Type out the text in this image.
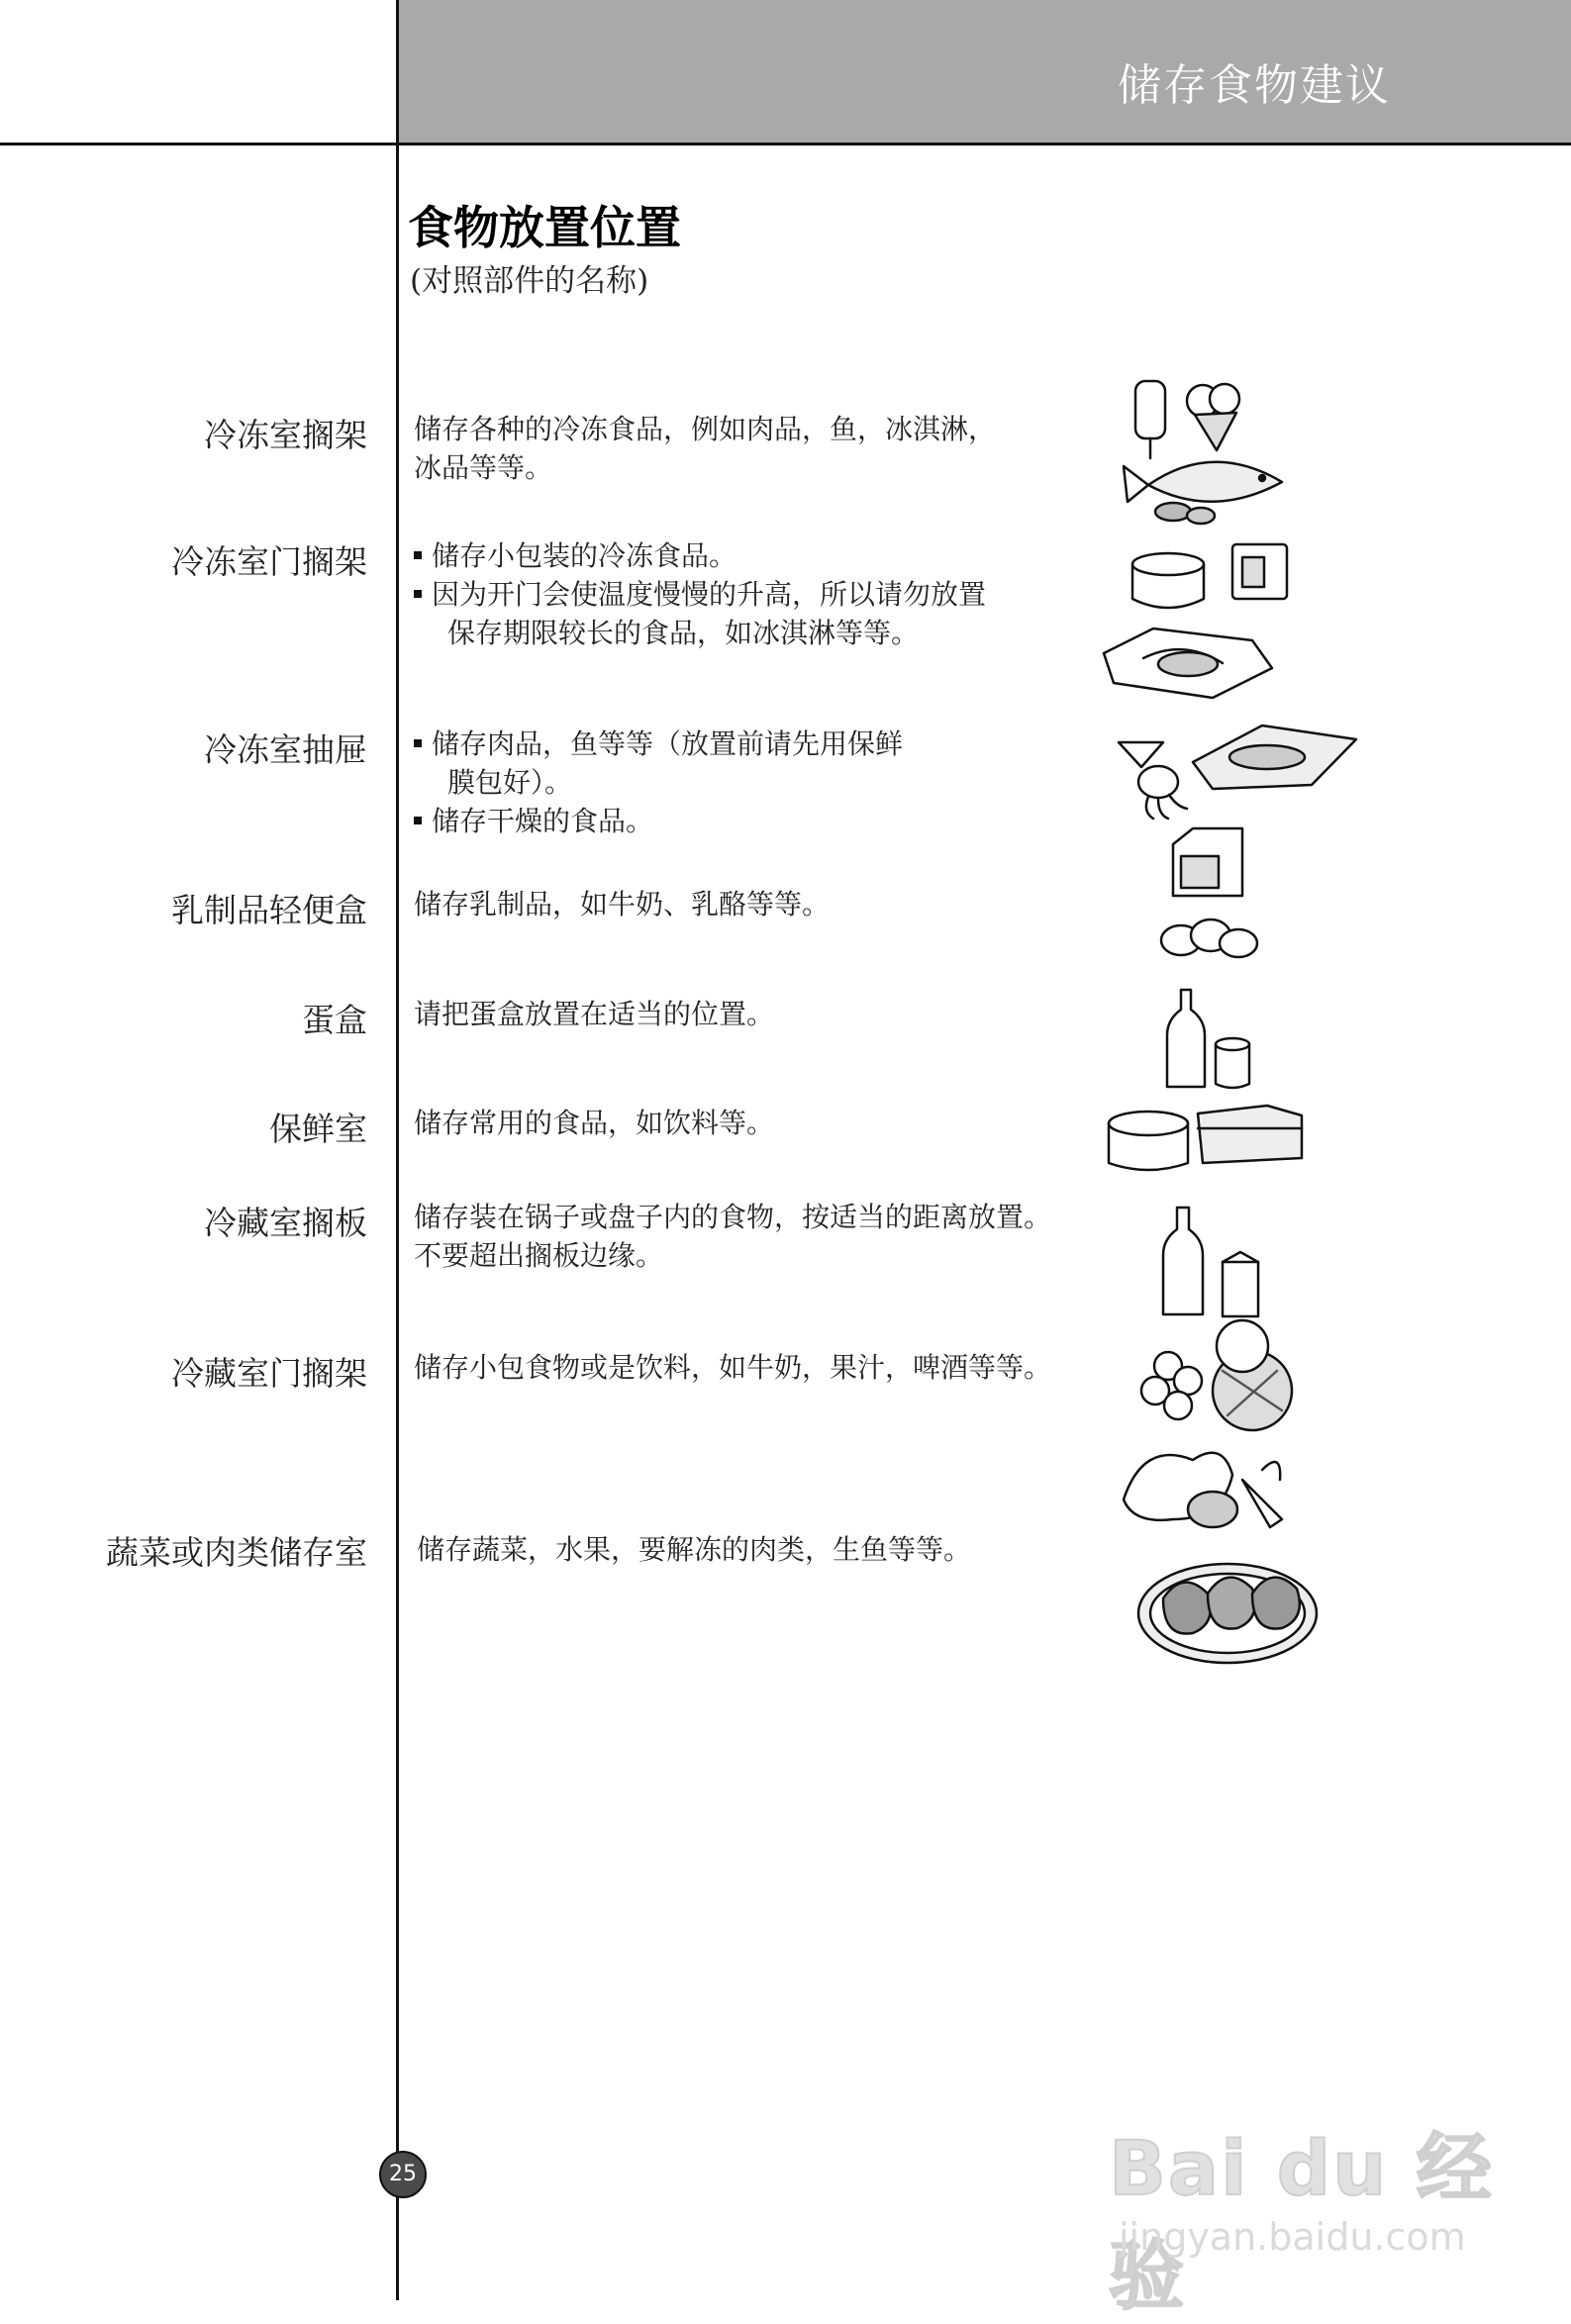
储存食物建议
食物放置位置
(对照部件的名称)
冷冻室搁架 储存各种的冷冻食品，例如肉品，鱼，冰淇淋，
冰品等等。
冷冻室门搁架	储存小包装的冷冻食品。
因为开门会使温度慢慢的升高，所以请勿放置
保存期限较长的食品，如冰淇淋等等。
冷冻室抽屉	储存肉品，鱼等等（放置前请先用保鲜
膜包好）。
储存干燥的食品。
乳制品轻便盒 储存乳制品，如牛奶、乳酪等等。
蛋盒 请把蛋盒放置在适当的位置。
保鲜室 储存常用的食品，如饮料等。
冷藏室搁板 储存装在锅子或盘子内的食物，按适当的距离放置。
不要超出搁板边缘。
冷藏室门搁架 储存小包食物或是饮料，如牛奶，果汁，啤酒等等。
蔬菜或肉类储存室 储存蔬菜，水果，要解冻的肉类，生鱼等等。
25	Bai du 经验
jingyan.baidu.com
